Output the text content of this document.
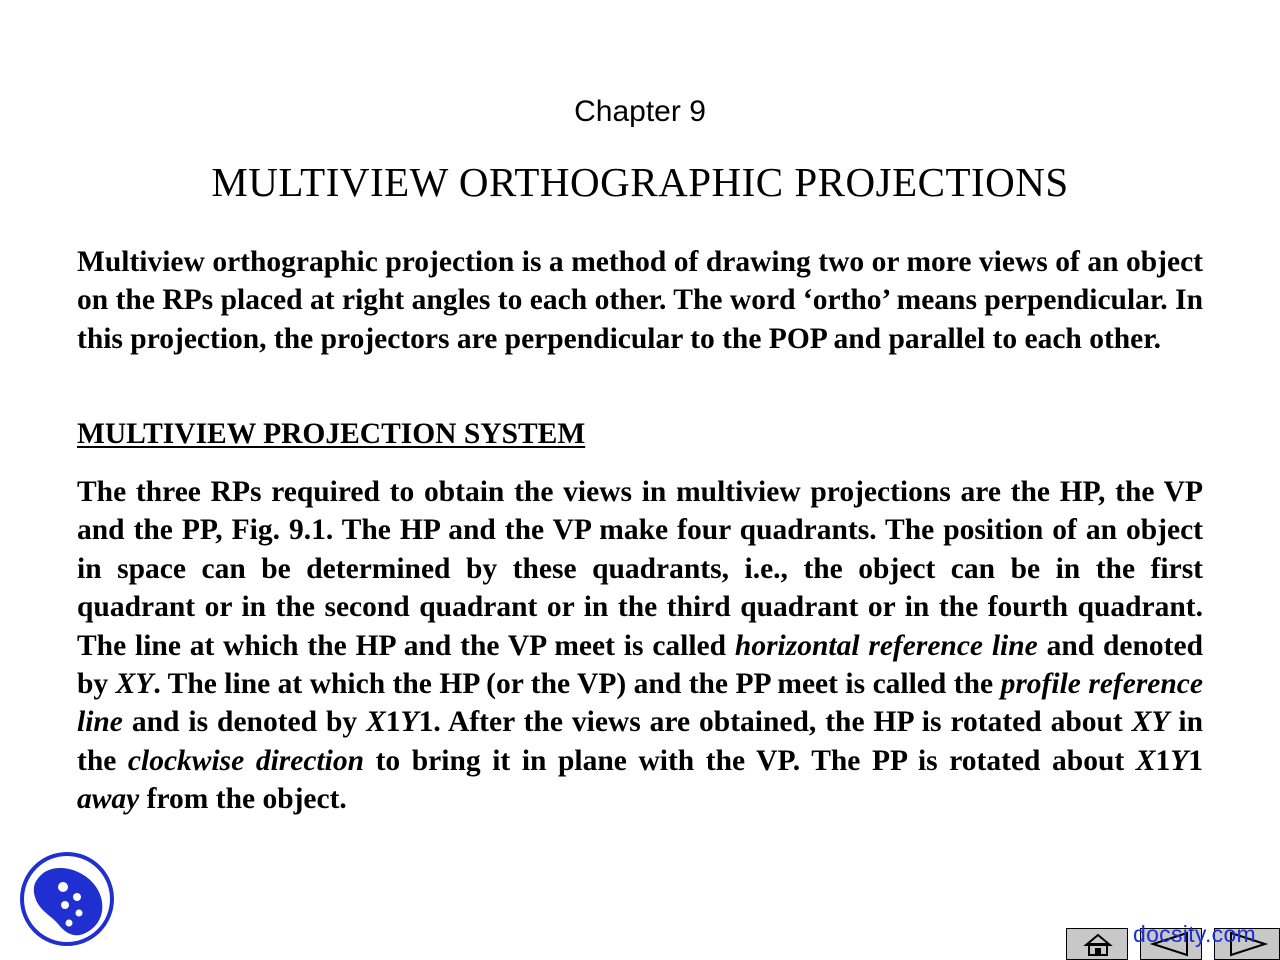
Chapter 9
MULTIVIEW ORTHOGRAPHIC PROJECTIONS

Multiview orthographic projection is a method of drawing two or more views of an object on the RPs placed at right angles to each other. The word ‘ortho’ means perpendicular. In this projection, the projectors are perpendicular to the POP and parallel to each other.

MULTIVIEW PROJECTION SYSTEM

The three RPs required to obtain the views in multiview projections are the HP, the VP and the PP, Fig. 9.1. The HP and the VP make four quadrants. The position of an object in space can be determined by these quadrants, i.e., the object can be in the first quadrant or in the second quadrant or in the third quadrant or in the fourth quadrant. The line at which the HP and the VP meet is called horizontal reference line and denoted by XY. The line at which the HP (or the VP) and the PP meet is called the profile reference line and is denoted by X1Y1. After the views are obtained, the HP is rotated about XY in the clockwise direction to bring it in plane with the VP. The PP is rotated about X1Y1 away from the object.

docsity.com
